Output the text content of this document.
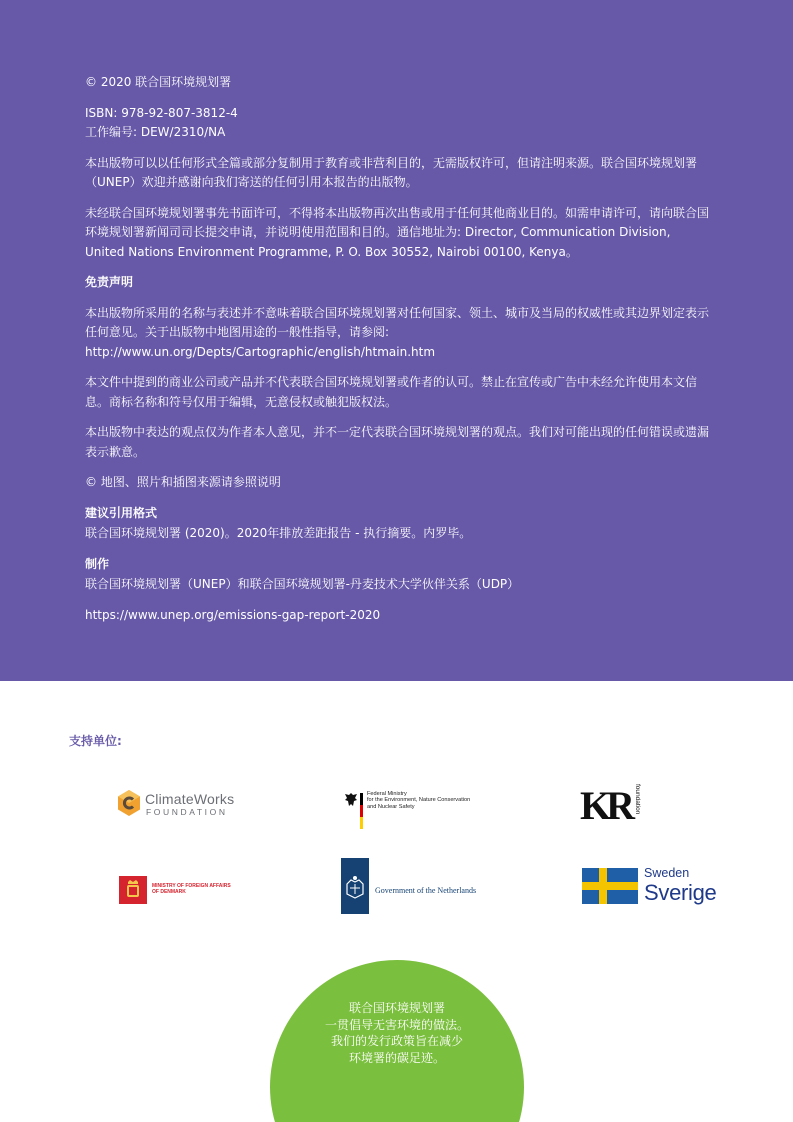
© 2020 联合国环境规划署

ISBN: 978-92-807-3812-4
工作编号: DEW/2310/NA

本出版物可以以任何形式全篇或部分复制用于教育或非营利目的，无需版权许可，但请注明来源。联合国环境规划署（UNEP）欢迎并感谢向我们寄送的任何引用本报告的出版物。

未经联合国环境规划署事先书面许可，不得将本出版物再次出售或用于任何其他商业目的。如需申请许可，请向联合国环境规划署新闻司司长提交申请，并说明使用范围和目的。通信地址为: Director, Communication Division, United Nations Environment Programme, P. O. Box 30552, Nairobi 00100, Kenya。

免责声明

本出版物所采用的名称与表述并不意味着联合国环境规划署对任何国家、领土、城市及当局的权威性或其边界划定表示任何意见。关于出版物中地图用途的一般性指导，请参阅: http://www.un.org/Depts/Cartographic/english/htmain.htm

本文件中提到的商业公司或产品并不代表联合国环境规划署或作者的认可。禁止在宣传或广告中未经允许使用本文信息。商标名称和符号仅用于编辑，无意侵权或触犯版权法。

本出版物中表达的观点仅为作者本人意见，并不一定代表联合国环境规划署的观点。我们对可能出现的任何错误或遗漏表示歉意。

© 地图、照片和插图来源请参照说明

建议引用格式

联合国环境规划署 (2020)。2020年排放差距报告 - 执行摘要。内罗毕。

制作

联合国环境规划署（UNEP）和联合国环境规划署-丹麦技术大学伙伴关系（UDP）

https://www.unep.org/emissions-gap-report-2020

支持单位:
ClimateWorks
FOUNDATION
Federal Ministry
for the Environment, Nature Conservation
and Nuclear Safety	KR foundation
MINISTRY OF FOREIGN AFFAIRS
OF DENMARK	Government of the Netherlands
Sweden
Sverige
联合国环境规划署
一贯倡导无害环境的做法。
我们的发行政策旨在减少
环境署的碳足迹。
